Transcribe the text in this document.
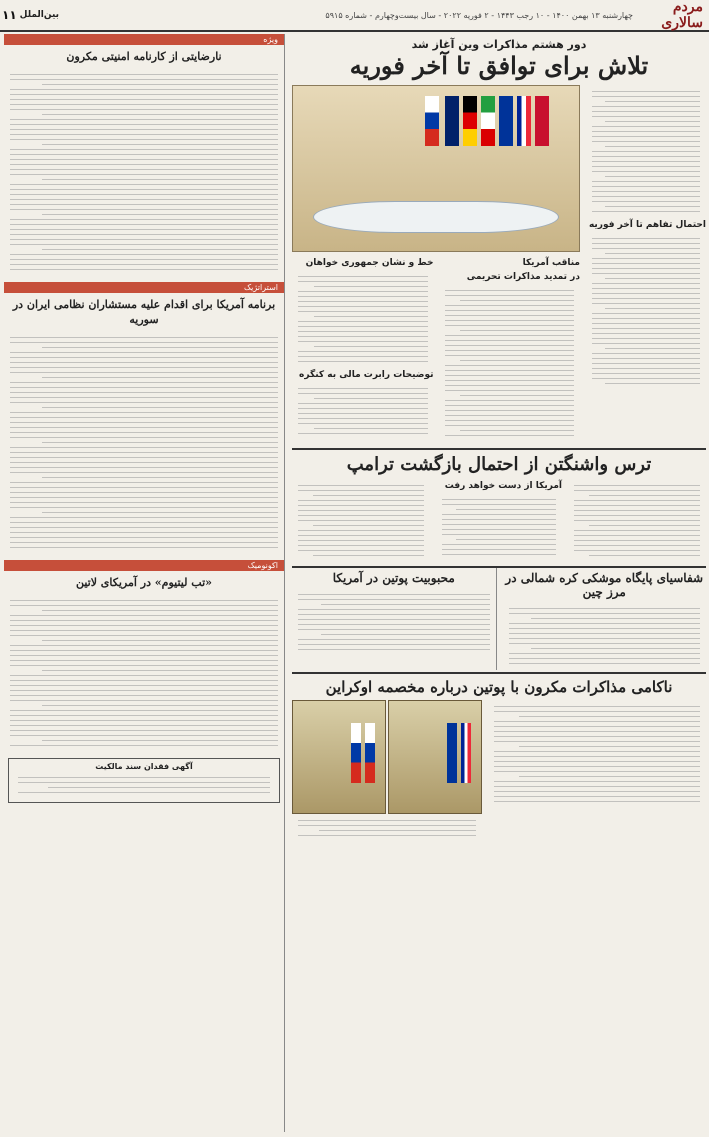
مردم سالاری
چهارشنبه ۱۳ بهمن ۱۴۰۰ - ۱۰ رجب ۱۴۴۳ - ۲ فوریه ۲۰۲۲ - سال بیست‌وچهارم - شماره ۵۹۱۵
۱۱ بین‌الملل
دور هشتم مذاکرات وین آغاز شد
تلاش برای توافق تا آخر فوریه
احتمال تفاهم تا آخر فوریه
مناقب آمریکا
در تمدید مذاکرات تحریمی
خط و نشان جمهوری خواهان
توضیحات رابرت مالی به کنگره
ترس واشنگتن از احتمال بازگشت ترامپ
آمریکا از دست خواهد رفت
شفاسیای پایگاه موشکی کره شمالی در مرز چین
محبوبیت پوتین در آمریکا
ناکامی مذاکرات مکرون با پوتین درباره مخصمه اوکراین
ویژه
نارضایتی از کارنامه امنیتی مکرون
استراتژیک
برنامه آمریکا برای اقدام علیه مستشاران نظامی ایران در سوریه
اکونومیک
«تب لیتیوم» در آمریکای لاتین
آگهی فقدان سند مالکیت
